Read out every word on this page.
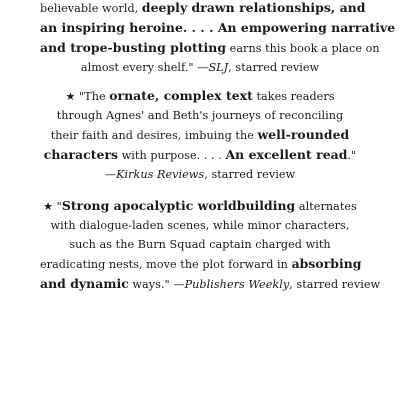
believable world, deeply drawn relationships, and
an inspiring heroine. . . . An empowering narrative
and trope-busting plotting earns this book a place on
almost every shelf." —SLJ, starred review
★ "The ornate, complex text takes readers
through Agnes' and Beth's journeys of reconciling
their faith and desires, imbuing the well-rounded
characters with purpose. . . . An excellent read."
—Kirkus Reviews, starred review
★ "Strong apocalyptic worldbuilding alternates
with dialogue-laden scenes, while minor characters,
such as the Burn Squad captain charged with
eradicating nests, move the plot forward in absorbing
and dynamic ways." —Publishers Weekly, starred review
